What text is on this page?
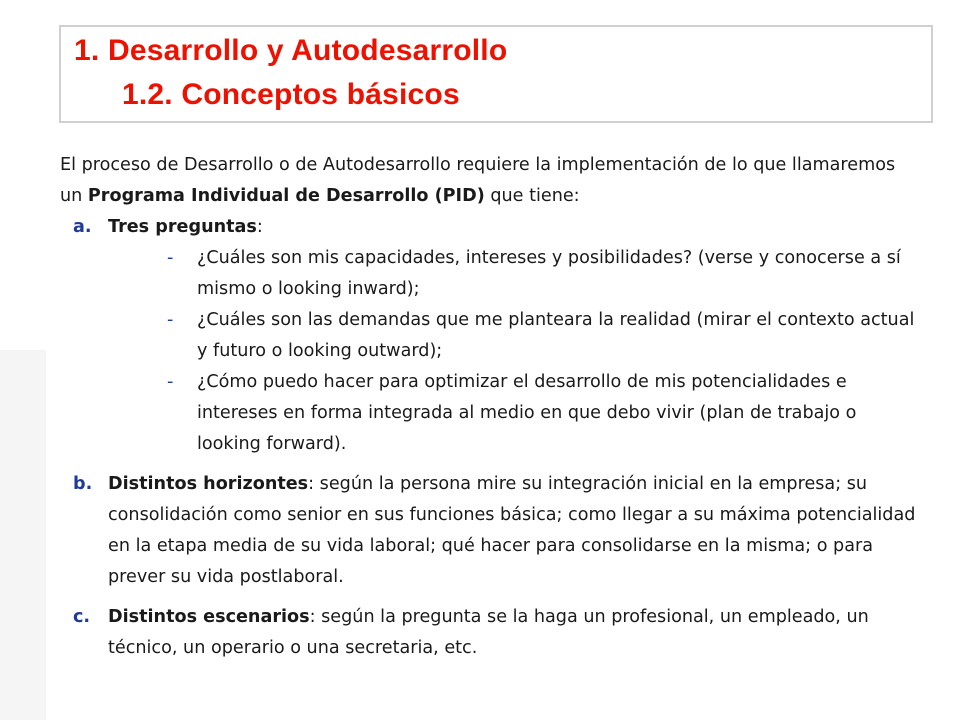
1. Desarrollo y Autodesarrollo
1.2. Conceptos básicos

El proceso de Desarrollo o de Autodesarrollo requiere la implementación de lo que llamaremos un Programa Individual de Desarrollo (PID) que tiene:

a. Tres preguntas:
-	¿Cuáles son mis capacidades, intereses y posibilidades? (verse y conocerse a sí mismo o looking inward);
-	¿Cuáles son las demandas que me planteara la realidad (mirar el contexto actual y futuro o looking outward);
-	¿Cómo puedo hacer para optimizar el desarrollo de mis potencialidades e intereses en forma integrada al medio en que debo vivir (plan de trabajo o looking forward).
b. Distintos horizontes: según la persona mire su integración inicial en la empresa; su consolidación como senior en sus funciones básica; como llegar a su máxima potencialidad en la etapa media de su vida laboral; qué hacer para consolidarse en la misma; o para prever su vida postlaboral.
c.	Distintos escenarios: según la pregunta se la haga un profesional, un empleado, un técnico, un operario o una secretaria, etc.
